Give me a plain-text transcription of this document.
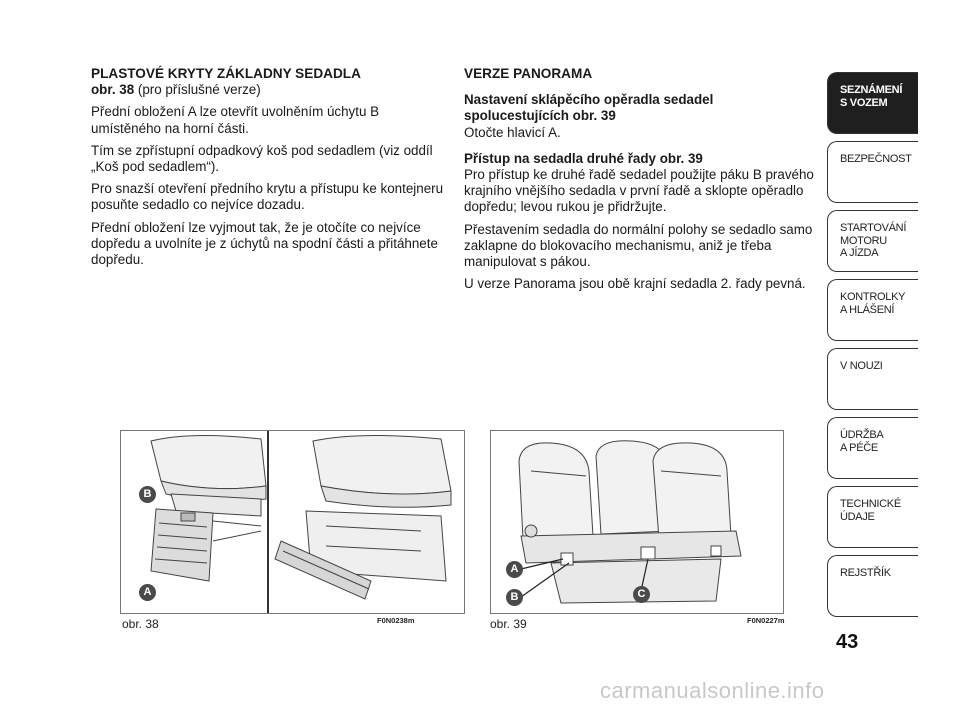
PLASTOVÉ KRYTY ZÁKLADNY SEDADLA

obr. 38 (pro příslušné verze)

Přední obložení A lze otevřít uvolněním úchytu B umístěného na horní části.

Tím se zpřístupní odpadkový koš pod sedadlem (viz oddíl „Koš pod sedadlem“).

Pro snazší otevření předního krytu a přístupu ke kontejneru posuňte sedadlo co nejvíce dozadu.

Přední obložení lze vyjmout tak, že je otočíte co nejvíce dopředu a uvolníte je z úchytů na spodní části a přitáhnete dopředu.

VERZE PANORAMA

Nastavení sklápěcího opěradla sedadel spolucestujících obr. 39

Otočte hlavicí A.

Přístup na sedadla druhé řady obr. 39

Pro přístup ke druhé řadě sedadel použijte páku B pravého krajního vnějšího sedadla v první řadě a sklopte opěradlo dopředu; levou rukou je přidržujte.

Přestavením sedadla do normální polohy se sedadlo samo zaklapne do blokovacího mechanismu, aniž je třeba manipulovat s pákou.

U verze Panorama jsou obě krajní sedadla 2. řady pevná.

B
A
obr. 38	F0N0238m
A
B	C
obr. 39	F0N0227m
SEZNÁMENÍ
S VOZEM
BEZPEČNOST
STARTOVÁNÍ
MOTORU
A JÍZDA
KONTROLKY
A HLÁŠENÍ
V NOUZI
ÚDRŽBA
A PÉČE
TECHNICKÉ
ÚDAJE
REJSTŘÍK
43
carmanualsonline.info
